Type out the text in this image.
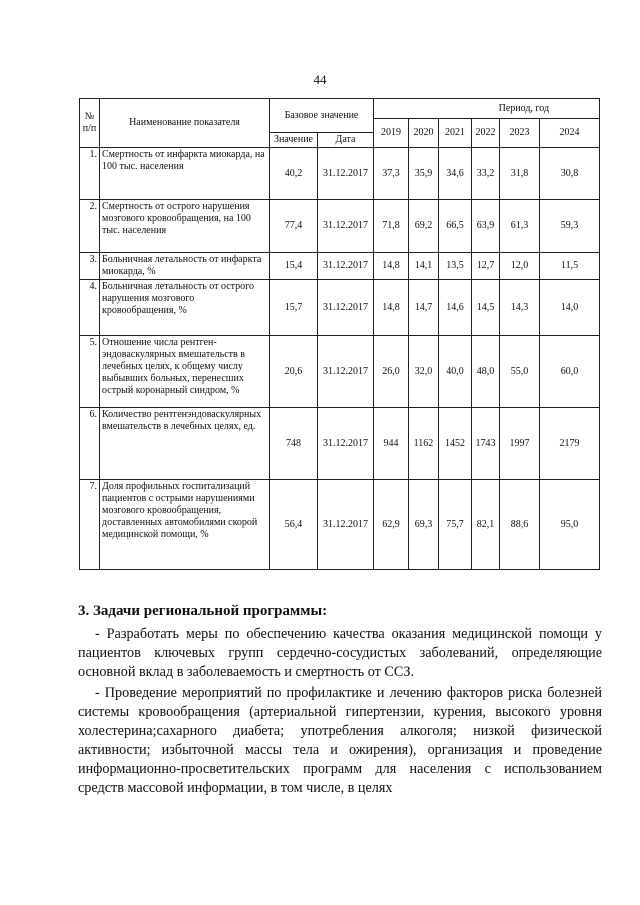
44
№
п/п	Наименование показателя	Базовое значение		Период, год					
				2019	2020	2021	2022	2023	2024
		Значение	Дата						
1.	Смертность от инфаркта миокарда, на 100 тыс. населения	40,2	31.12.2017	37,3	35,9	34,6	33,2	31,8	30,8
2.	Смертность от острого нарушения мозгового кровообращения, на 100 тыс. населения	77,4	31.12.2017	71,8	69,2	66,5	63,9	61,3	59,3
3.	Больничная летальность от инфаркта миокарда, %	15,4	31.12.2017	14,8	14,1	13,5	12,7	12,0	11,5
4.	Больничная летальность от острого нарушения мозгового кровообращения, %	15,7	31.12.2017	14,8	14,7	14,6	14,5	14,3	14,0
5.	Отношение числа рентген-эндоваскулярных вмешательств в лечебных целях, к общему числу выбывших больных, перенесших острый коронарный синдром, %	20,6	31.12.2017	26,0	32,0	40,0	48,0	55,0	60,0
6.	Количество рентгенэндоваскулярных вмешательств в лечебных целях, ед.	748	31.12.2017	944	1162	1452	1743	1997	2179
7.	Доля профильных госпитализаций пациентов с острыми нарушениями мозгового кровообращения, доставленных автомобилями скорой медицинской помощи, %	56,4	31.12.2017	62,9	69,3	75,7	82,1	88,6	95,0
3. Задачи региональной программы:

- Разработать меры по обеспечению качества оказания медицинской помощи у пациентов ключевых групп сердечно-сосудистых заболеваний, определяющие основной вклад в заболеваемость и смертность от ССЗ.

- Проведение мероприятий по профилактике и лечению факторов риска болезней системы кровообращения (артериальной гипертензии, курения, высокого уровня холестерина;сахарного диабета; употребления алкоголя; низкой физической активности; избыточной массы тела и ожирения), организация и проведение информационно-просветительских программ для населения с использованием средств массовой информации, в том числе, в целях
